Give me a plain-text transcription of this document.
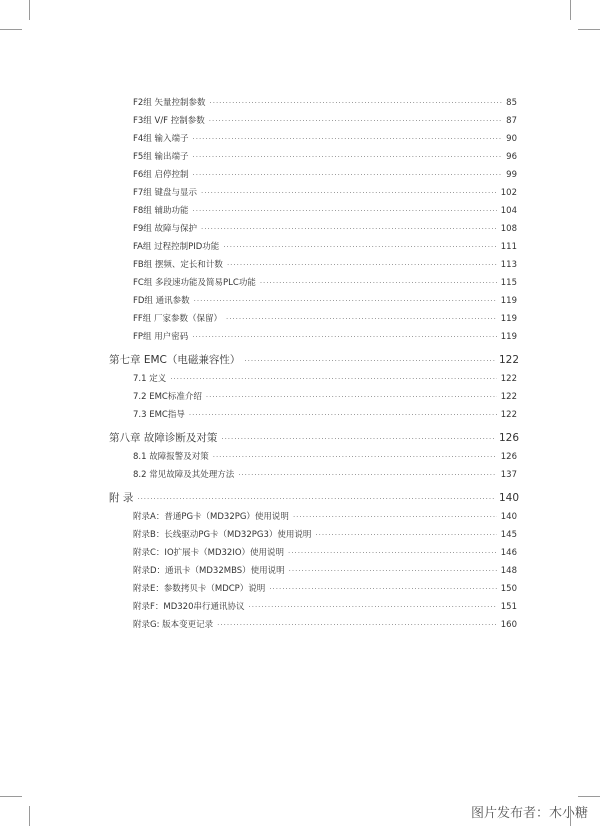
F2组 矢量控制参数 ·····	85
F3组 V/F 控制参数 ·····	87
F4组 输入端子 ·····	90
F5组 输出端子 ·····	96
F6组 启停控制 ·····	99
F7组 键盘与显示 ·····	102
F8组 辅助功能 ·····	104
F9组 故障与保护 ·····	108
FA组 过程控制PID功能 ·····	111
FB组 摆频、定长和计数 ·····	113
FC组 多段速功能及简易PLC功能 ·····	115
FD组 通讯参数 ·····	119
FF组 厂家参数（保留） ·····	119
FP组 用户密码 ·····	119
第七章 EMC（电磁兼容性） ·····	122
7.1 定义 ·····	122
7.2 EMC标准介绍 ·····	122
7.3 EMC指导 ·····	122
第八章 故障诊断及对策 ·····	126
8.1 故障报警及对策 ·····	126
8.2 常见故障及其处理方法 ·····	137
附 录 ·····	140
附录A：普通PG卡（MD32PG）使用说明 ·····	140
附录B：长线驱动PG卡（MD32PG3）使用说明 ·····	145
附录C：IO扩展卡（MD32IO）使用说明 ·····	146
附录D：通讯卡（MD32MBS）使用说明 ·····	148
附录E：参数拷贝卡（MDCP）说明 ·····	150
附录F：MD320串行通讯协议 ·····	151
附录G: 版本变更记录 ·····	160
图片发布者：木小糖
